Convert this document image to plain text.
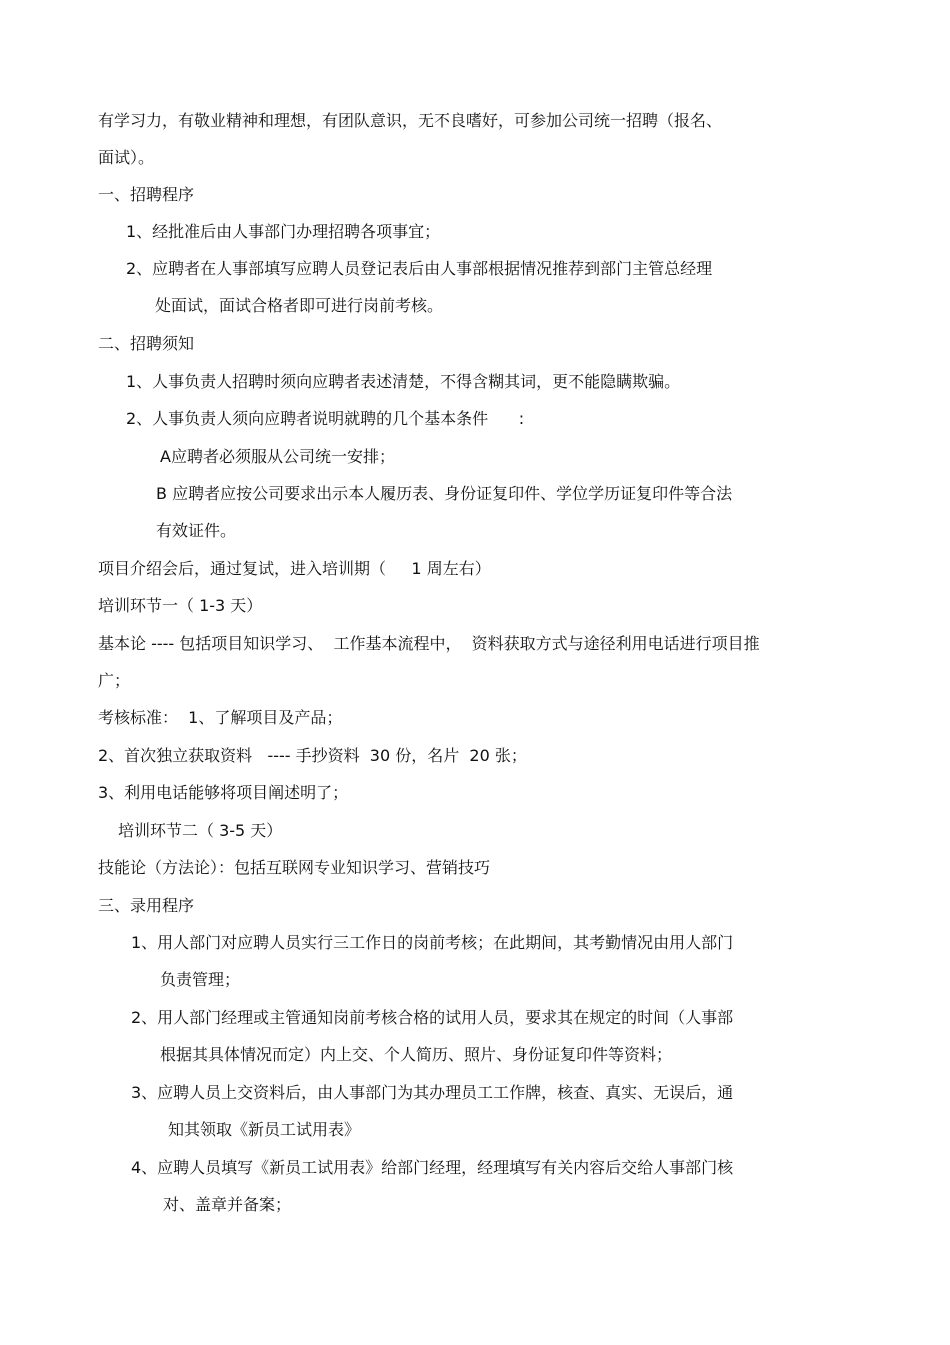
有学习力，有敬业精神和理想，有团队意识，无不良嗜好，可参加公司统一招聘（报名、
面试）。
一、招聘程序
1、经批准后由人事部门办理招聘各项事宜；
2、应聘者在人事部填写应聘人员登记表后由人事部根据情况推荐到部门主管总经理
处面试，面试合格者即可进行岗前考核。
二、招聘须知
1、人事负责人招聘时须向应聘者表述清楚，不得含糊其词，更不能隐瞒欺骗。
2、人事负责人须向应聘者说明就聘的几个基本条件      :
A应聘者必须服从公司统一安排；
B 应聘者应按公司要求出示本人履历表、身份证复印件、学位学历证复印件等合法
有效证件。
项目介绍会后，通过复试，进入培训期（     1 周左右）
培训环节一（ 1-3 天）
基本论 ---- 包括项目知识学习、  工作基本流程中，  资料获取方式与途径利用电话进行项目推
广；
考核标准：  1、了解项目及产品；
2、首次独立获取资料   ---- 手抄资料  30 份，名片  20 张；
3、利用电话能够将项目阐述明了；
培训环节二（ 3-5 天）
技能论（方法论）：包括互联网专业知识学习、营销技巧
三、录用程序
1、用人部门对应聘人员实行三工作日的岗前考核；在此期间，其考勤情况由用人部门
负责管理；
2、用人部门经理或主管通知岗前考核合格的试用人员，要求其在规定的时间（人事部
根据其具体情况而定）内上交、个人简历、照片、身份证复印件等资料；
3、应聘人员上交资料后，由人事部门为其办理员工工作牌，核查、真实、无误后，通
知其领取《新员工试用表》
4、应聘人员填写《新员工试用表》给部门经理，经理填写有关内容后交给人事部门核
对、盖章并备案；
